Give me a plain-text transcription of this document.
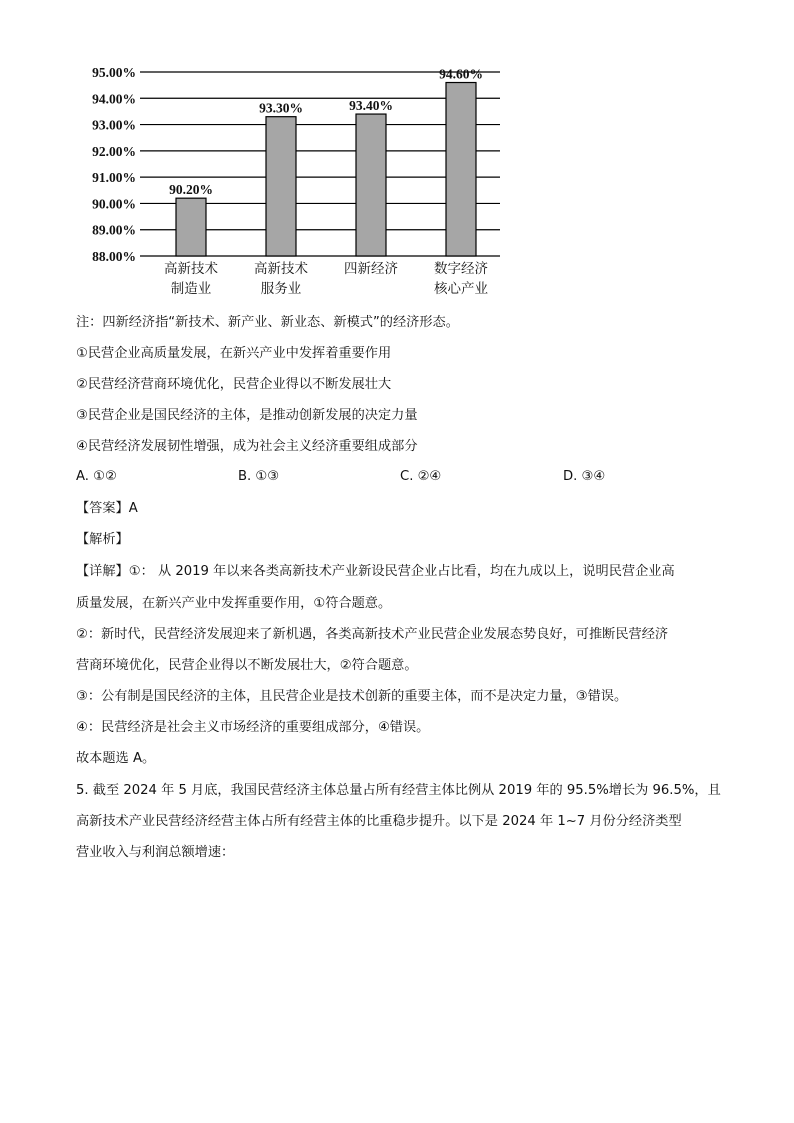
88.00%
89.00%
90.00%
91.00%
92.00%
93.00%
94.00%
95.00%
90.20%
93.30%	93.40%
94.60%
高新技术
制造业
高新技术
服务业
四新经济	数字经济
核心产业
注：四新经济指“新技术、新产业、新业态、新模式”的经济形态。
①民营企业高质量发展，在新兴产业中发挥着重要作用
②民营经济营商环境优化，民营企业得以不断发展壮大
③民营企业是国民经济的主体，是推动创新发展的决定力量
④民营经济发展韧性增强，成为社会主义经济重要组成部分
A. ①②	B. ①③	C. ②④	D. ③④
【答案】A
【解析】
【详解】①： 从 2019 年以来各类高新技术产业新设民营企业占比看，均在九成以上，说明民营企业高
质量发展，在新兴产业中发挥重要作用，①符合题意。
②：新时代，民营经济发展迎来了新机遇，各类高新技术产业民营企业发展态势良好，可推断民营经济
营商环境优化，民营企业得以不断发展壮大，②符合题意。
③：公有制是国民经济的主体，且民营企业是技术创新的重要主体，而不是决定力量，③错误。
④：民营经济是社会主义市场经济的重要组成部分，④错误。
故本题选 A。
5. 截至 2024 年 5 月底，我国民营经济主体总量占所有经营主体比例从 2019 年的 95.5%增长为 96.5%，且
高新技术产业民营经济经营主体占所有经营主体的比重稳步提升。以下是 2024 年 1~7 月份分经济类型
营业收入与利润总额增速：
